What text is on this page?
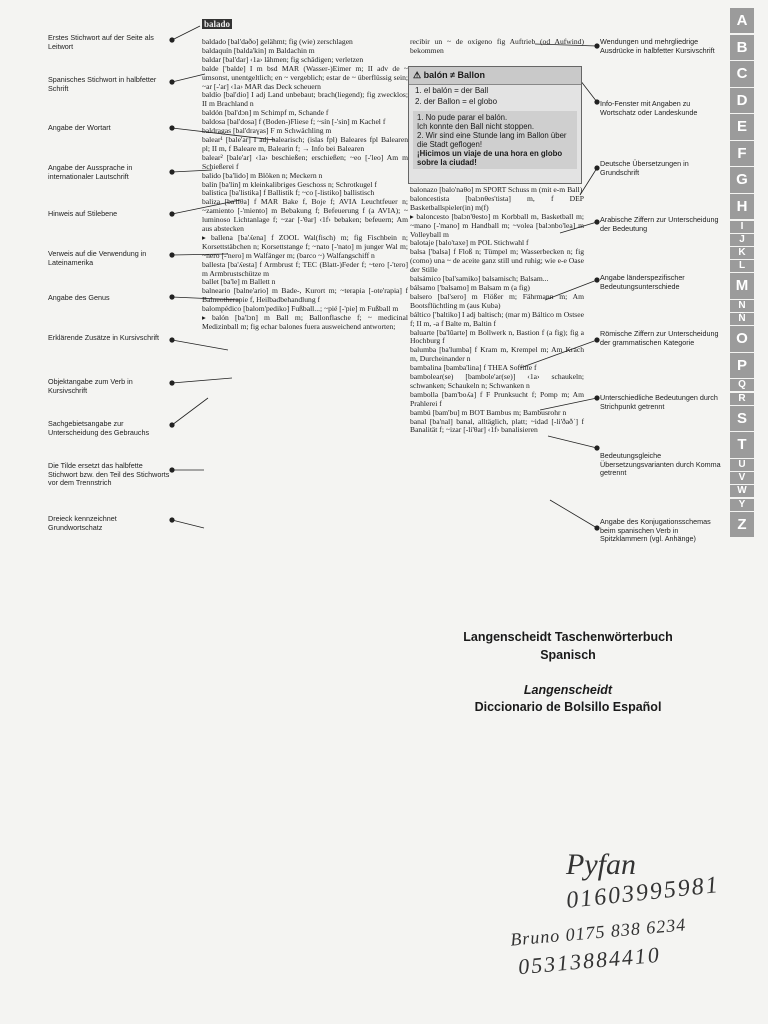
Erstes Stichwort auf der Seite als Leitwort
Spanisches Stichwort in halbfetter Schrift
Angabe der Wortart
Angabe der Aussprache in internationaler Lautschrift
Hinweis auf Stilebene
Verweis auf die Verwendung in Lateinamerika
Angabe des Genus
Erklärende Zusätze in Kursivschrift
Objektangabe zum Verb in Kursivschrift
Sachgebietsangabe zur Unterscheidung des Gebrauchs
Die Tilde ersetzt das halbfette Stichwort bzw. den Teil des Stichworts vor dem Trennstrich
Dreieck kennzeichnet Grundwortschatz
balado

baldado [bal'daðo] gelähmt; fig (wie) zerschlagen

baldaquín [balda'kin] m Baldachin m

baldar [bal'dar] ‹1a› lähmen; fig schädigen; verletzen

balde ['balde] I m bsd MAR (Wasser-)Eimer m; II adv de ~ umsonst, unentgeltlich; en ~ vergeblich; estar de ~ überflüssig sein; ~ar [-'ar] ‹1a› MAR das Deck scheuern

baldío [bal'dio] I adj Land unbebaut; brach(liegend); fig zwecklos; II m Brachland n

baldón [bal'dɔn] m Schimpf m, Schande f

baldosa [bal'dosa] f (Boden-)Fliese f; ~sín [-'sin] m Kachel f

baldragas [bal'draɣas] F m Schwächling m

balear¹ [bale'ar] I adj balearisch; (islas fpl) Baleares fpl Balearen pl; II m, f Baleare m, Balearin f; → Info bei Balearen

balear² [bale'ar] ‹1a› beschießen; erschießen; ~eo [-'leo] Am m Schießerei f

balido [ba'lido] m Blöken n; Meckern n

balín [ba'lin] m kleinkalibriges Geschoss n; Schrotkugel f

balística [ba'listika] f Ballistik f; ~co [-listiko] ballistisch

baliza [ba'liθa] f MAR Bake f, Boje f; AVIA Leuchtfeuer n; ~zamiento [-'miento] m Bebakung f; Befeuerung f (a AVIA); ~ luminoso Lichtanlage f; ~zar [-'θar] ‹1f› bebaken; befeuern; Am aus abstecken

▸ ballena [ba'ʎena] f ZOOL Wal(fisch) m; fig Fischbein n; Korsettstäbchen n; Korsettstange f; ~nato [-'nato] m junger Wal m; ~nero [-'nero] m Walfänger m; (barco ~) Walfangschiff n

ballesta [ba'ʎesta] f Armbrust f; TEC (Blatt-)Feder f; ~tero [-'tero] m Armbrustschütze m

ballet [ba'le] m Ballett n

balneario [balne'ario] m Bade-, Kurort m; ~terapia [-ote'rapia] f Balneotherapie f, Heilbadbehandlung f

balompédico [balom'pediko] Fußball...; ~pié [-'pie] m Fußball m

▸ balón [ba'lɔn] m Ball m; Ballonflasche f; ~ medicinal Medizinball m; fig echar balones fuera ausweichend antworten;

recibir un ~ de oxígeno fig Auftrieb (od Aufwind) bekommen

⚠ balón ≠ Ballon
1. el balón = der Ball
2. der Ballon = el globo
1. No pude parar el balón.
Ich konnte den Ball nicht stoppen.
2. Wir sind eine Stunde lang im Ballon über die Stadt geflogen!
¡Hicimos un viaje de una hora en globo sobre la ciudad!

balonazo [balo'naθo] m SPORT Schuss m (mit e-m Ball)

baloncestista [balɔnθes'tista] m, f DEP Basketballspieler(in) m(f)

▸ baloncesto [balɔn'θesto] m Korbball m, Basketball m; ~mano [-'mano] m Handball m; ~volea [balɔnbo'lea] m Volleyball m

balotaje [balo'taxe] m POL Stichwahl f

balsa ['balsa] f Floß n; Tümpel m; Wasserbecken n; fig (como) una ~ de aceite ganz still und ruhig; wie e-e Oase der Stille

balsámico [bal'samiko] balsamisch; Balsam...

bálsamo ['balsamo] m Balsam m (a fig)

balsero [bal'sero] m Flößer m; Fährmann m; Am Bootsflüchtling m (aus Kuba)

báltico ['baltiko] I adj baltisch; (mar m) Báltico m Ostsee f; II m, -a f Balte m, Baltin f

baluarte [ba'lŭarte] m Bollwerk n, Bastion f (a fig); fig a Hochburg f

balumba [ba'lumba] f Kram m, Krempel m; Am Krach m, Durcheinander n

bambalina [bamba'lina] f THEA Soffitte f

bambolear(se) [bambole'ar(se)] ‹1a› schaukeln; schwanken; Schaukeln n; Schwanken n

bambolla [bam'boʎa] f F Prunksucht f; Pomp m; Am Prahlerei f

bambú [bam'bu] m BOT Bambus m; Bambusrohr n

banal [ba'nal] banal, alltäglich, platt; ~idad [-li'ðaðˈ] f Banalität f; ~izar [-li'θar] ‹1f› banalisieren

Wendungen und mehrgliedrige Ausdrücke in halbfetter Kursivschrift
Info-Fenster mit Angaben zu Wortschatz oder Landeskunde
Deutsche Übersetzungen in Grundschrift
Arabische Ziffern zur Unterscheidung der Bedeutung
Angabe länderspezifischer Bedeutungsunterschiede
Römische Ziffern zur Unterscheidung der grammatischen Kategorie
Unterschiedliche Bedeutungen durch Strichpunkt getrennt
Bedeutungsgleiche Übersetzungsvarianten durch Komma getrennt
Angabe des Konjugationsschemas beim spanischen Verb in Spitzklammern (vgl. Anhänge)
A
B
C
D
E
F
G
H
I
J
K
L
M
N
Ñ
O
P
Q
R
S
T
U
V
W
Y
Z
Langenscheidt Taschenwörterbuch
Spanisch
Langenscheidt
Diccionario de Bolsillo Español
Pyfan
01603995981
Bruno 0175 838 6234
05313884410
